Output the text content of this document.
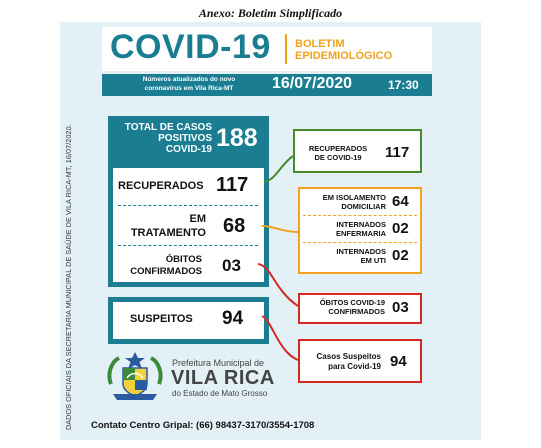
Anexo: Boletim Simplificado
DADOS OFICIAIS DA SECRETARIA MUNICIPAL DE SAÚDE DE VILA RICA-MT, 16/07/2020.
COVID-19 BOLETIM
EPIDEMIOLÓGICO
Números atualizados do novo
coronavírus em Vila Rica-MT	16/07/2020	17:30
TOTAL DE CASOS
POSITIVOS
COVID-19 188
RECUPERADOS 117
EM
TRATAMENTO 68
ÓBITOS
CONFIRMADOS 03
SUSPEITOS 94
RECUPERADOS
DE COVID-19	117
EM ISOLAMENTO
DOMICILIAR 64
INTERNADOS
ENFERMARIA 02
INTERNADOS
EM UTI 02
ÓBITOS COVID-19
CONFIRMADOS 03
Casos Suspeitos
para Covid-19 94
Prefeitura Municipal de
VILA RICA
do Estado de Mato Grosso
Contato Centro Gripal: (66) 98437-3170/3554-1708
